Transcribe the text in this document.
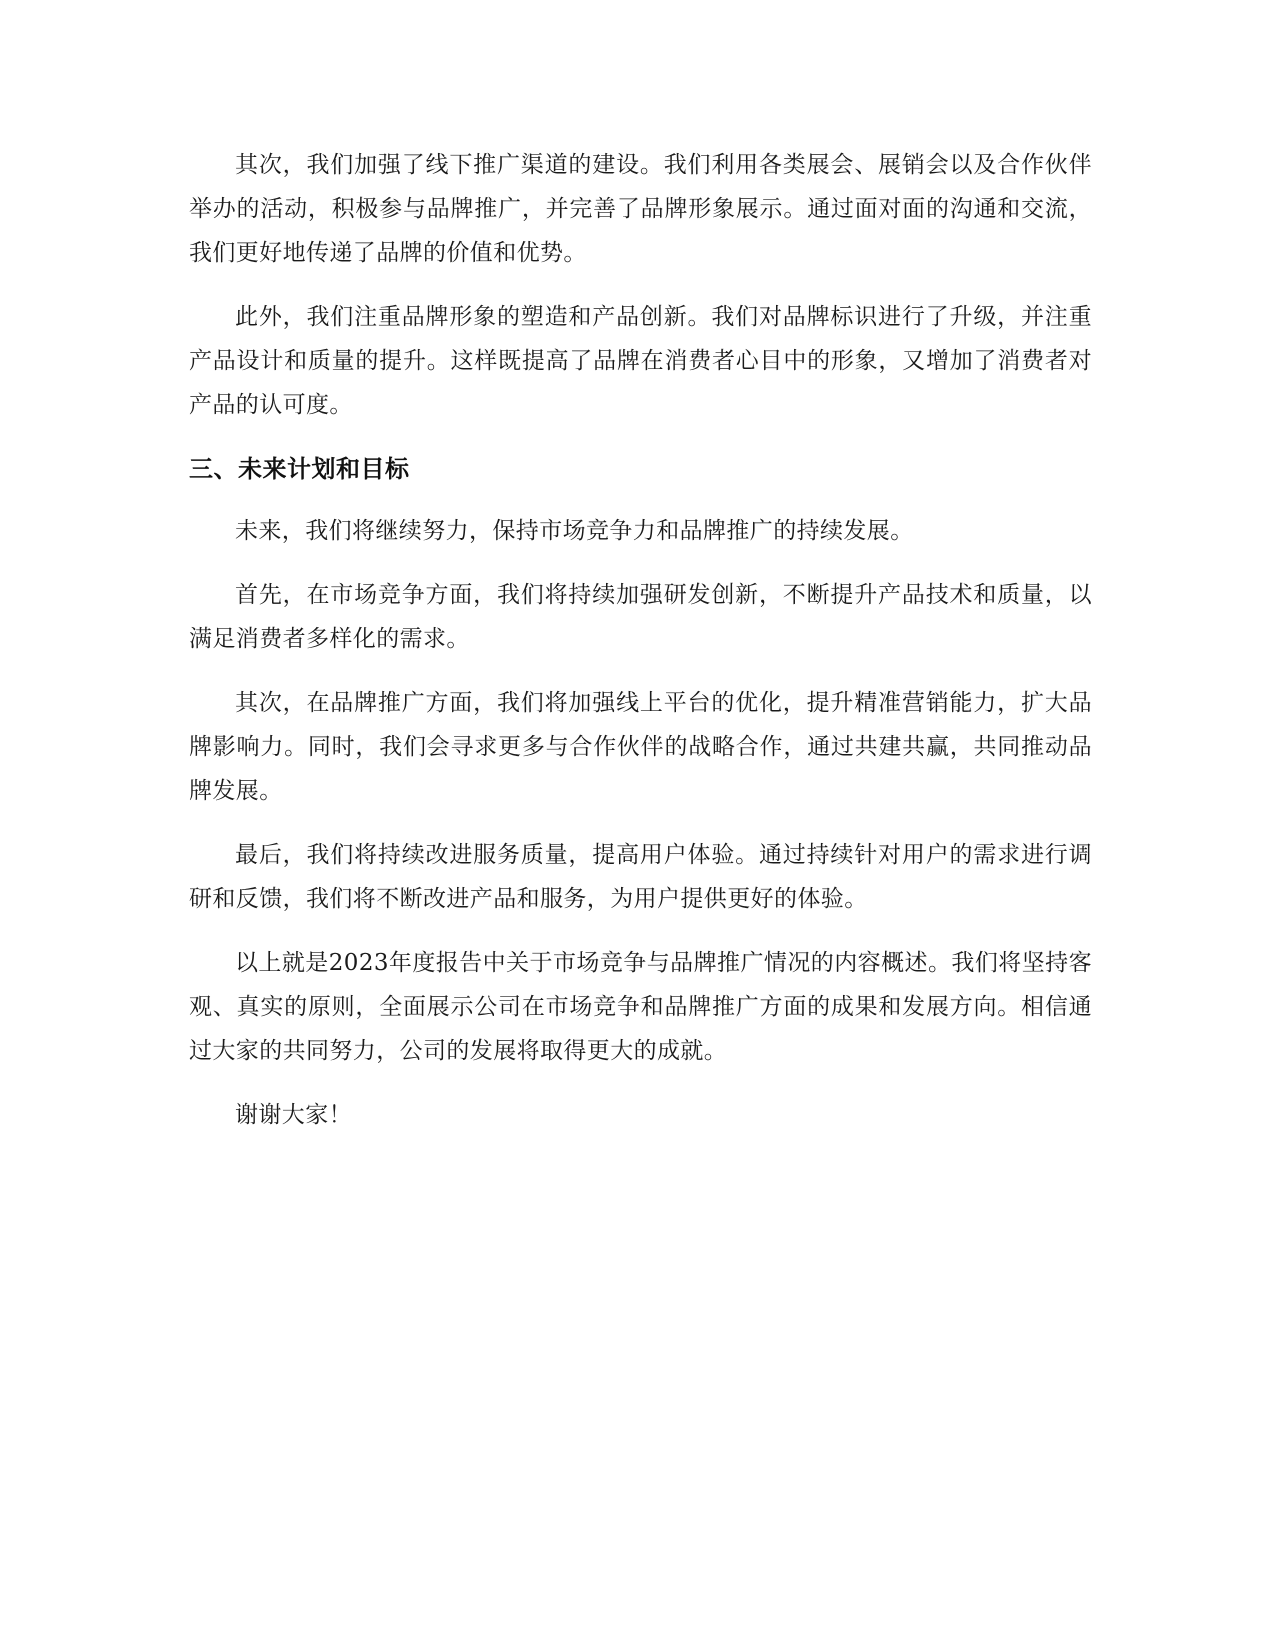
其次，我们加强了线下推广渠道的建设。我们利用各类展会、展销会以及合作伙伴举办的活动，积极参与品牌推广，并完善了品牌形象展示。通过面对面的沟通和交流，我们更好地传递了品牌的价值和优势。

此外，我们注重品牌形象的塑造和产品创新。我们对品牌标识进行了升级，并注重产品设计和质量的提升。这样既提高了品牌在消费者心目中的形象，又增加了消费者对产品的认可度。

三、未来计划和目标

未来，我们将继续努力，保持市场竞争力和品牌推广的持续发展。

首先，在市场竞争方面，我们将持续加强研发创新，不断提升产品技术和质量，以满足消费者多样化的需求。

其次，在品牌推广方面，我们将加强线上平台的优化，提升精准营销能力，扩大品牌影响力。同时，我们会寻求更多与合作伙伴的战略合作，通过共建共赢，共同推动品牌发展。

最后，我们将持续改进服务质量，提高用户体验。通过持续针对用户的需求进行调研和反馈，我们将不断改进产品和服务，为用户提供更好的体验。

以上就是2023年度报告中关于市场竞争与品牌推广情况的内容概述。我们将坚持客观、真实的原则，全面展示公司在市场竞争和品牌推广方面的成果和发展方向。相信通过大家的共同努力，公司的发展将取得更大的成就。

谢谢大家！
